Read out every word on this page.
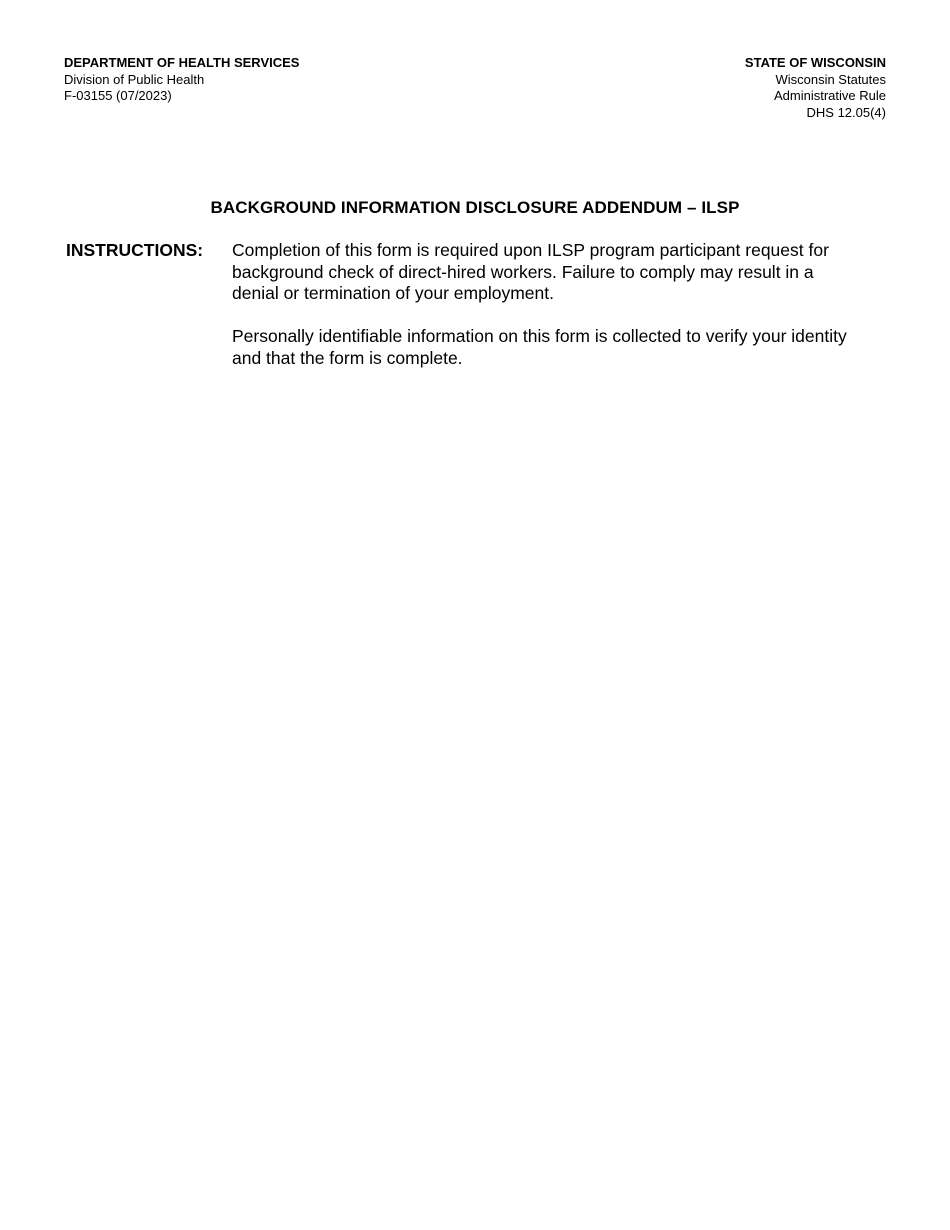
DEPARTMENT OF HEALTH SERVICES
Division of Public Health
F-03155 (07/2023)
STATE OF WISCONSIN
Wisconsin Statutes
Administrative Rule
DHS 12.05(4)
BACKGROUND INFORMATION DISCLOSURE ADDENDUM – ILSP
INSTRUCTIONS: Completion of this form is required upon ILSP program participant request for
background check of direct-hired workers. Failure to comply may result in a
denial or termination of your employment.

Personally identifiable information on this form is collected to verify your identity
and that the form is complete.
